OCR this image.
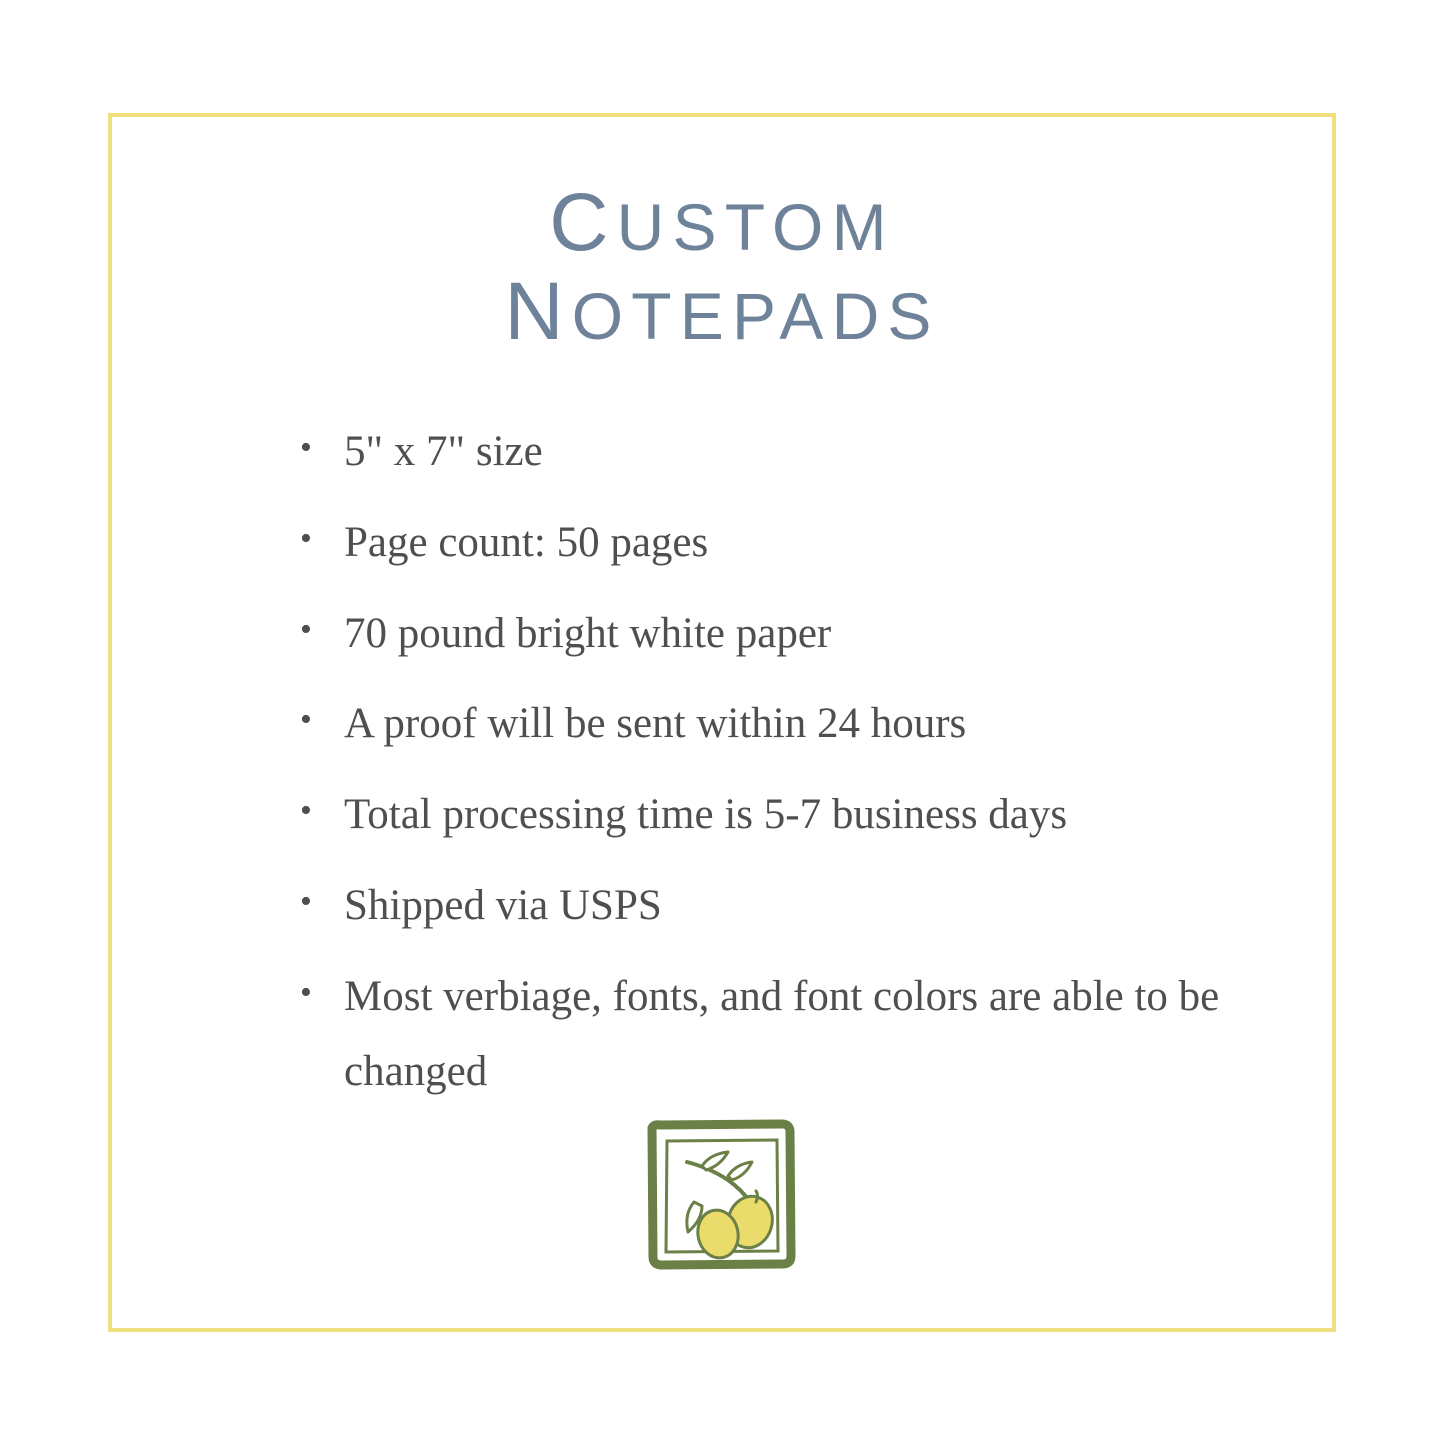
CUSTOM
NOTEPADS
• 5" x 7" size
• Page count: 50 pages
• 70 pound bright white paper
• A proof will be sent within 24 hours
• Total processing time is 5-7 business days
• Shipped via USPS
• Most verbiage, fonts, and font colors are able to be changed
